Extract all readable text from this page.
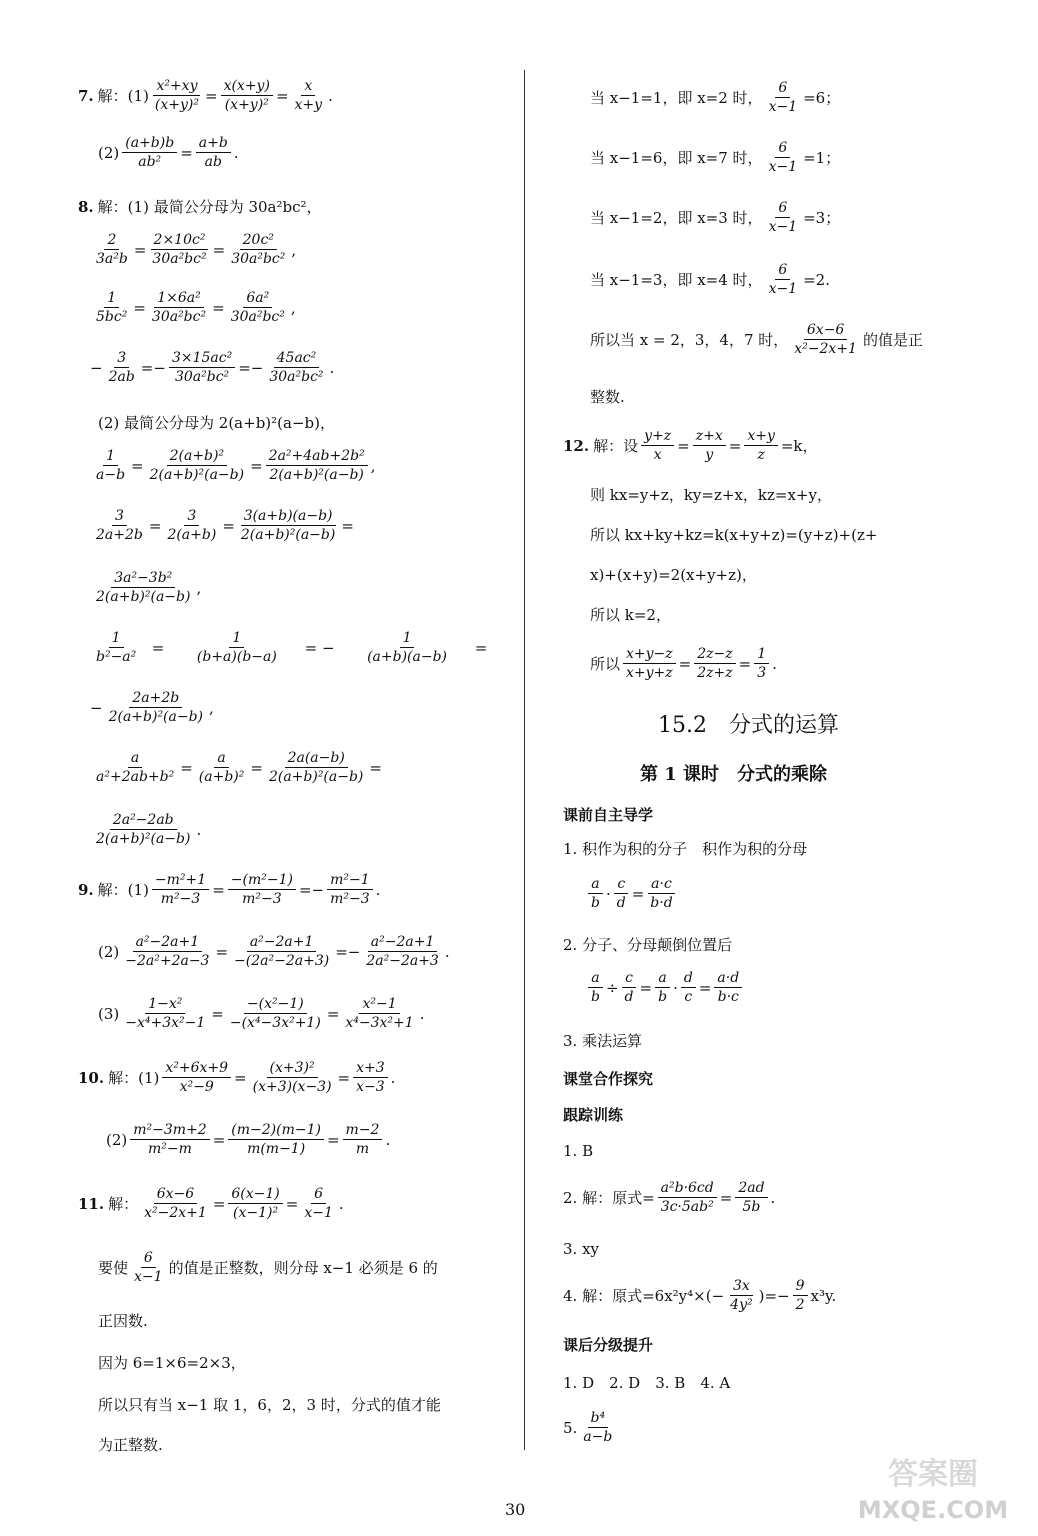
7. 解：$(1) \frac{\text{x²+xy}}{\text{(x+y)²}} = \frac{x(x+y)}{\text{(x+y)²}} = \frac{x}{x+y}$ .
$(2) \frac{(a+b)b}{\text{ab²}} = \frac{a+b}{ab}$ .
8. 解：(1) 最简公分母为 30a²bc²，
$\frac{2}{\text{3a²b}} = \frac{\text{2×10c²}}{\text{30a²bc²}} = \frac{\text{20c²}}{\text{30a²bc²}}$ ,
$\frac{1}{\text{5bc²}} = \frac{\text{1×6a²}}{\text{30a²bc²}} = \frac{\text{6a²}}{\text{30a²bc²}}$ ,
− $\frac{3}{2ab} =- \frac{\text{3×15ac²}}{\text{30a²bc²}} =- \frac{\text{45ac²}}{\text{30a²bc²}}$ .
(2) 最简公分母为 2(a+b)²(a−b)，
$\frac{1}{a-b} = \frac{\text{2(a+b)²}}{\text{2(a+b)²(a−b)}} = \frac{\text{2a²+4ab+2b²}}{\text{2(a+b)²(a−b)}}$ ,
$\frac{3}{2a+2b} = \frac{3}{2(a+b)} = \frac{3(a+b)(a-b)}{\text{2(a+b)²(a−b)}}$ =
$\frac{\text{3a²−3b²}}{\text{2(a+b)²(a−b)}}$ ,
$\frac{1}{\text{b²−a²}} = \frac{1}{(b+a)(b-a)}$ = − $\frac{1}{(a+b)(a-b)}$ =
− $\frac{2a+2b}{\text{2(a+b)²(a−b)}}$ ,
$\frac{a}{\text{a²+2ab+b²}} = \frac{a}{\text{(a+b)²}} = \frac{2a(a-b)}{\text{2(a+b)²(a−b)}}$ =
$\frac{\text{2a²−2ab}}{\text{2(a+b)²(a−b)}}$ .
9. 解：$(1) \frac{\text{−m²+1}}{\text{m²−3}} = \frac{\text{−(m²−1)}}{\text{m²−3}} =- \frac{\text{m²−1}}{\text{m²−3}}$ .
$(2) \frac{\text{a²−2a+1}}{\text{−2a²+2a−3}} = \frac{\text{a²−2a+1}}{\text{−(2a²−2a+3)}} =- \frac{\text{a²−2a+1}}{\text{2a²−2a+3}}$ .
$(3) \frac{\text{1−x²}}{\text{−x⁴+3x²−1}} = \frac{\text{−(x²−1)}}{\text{−(x⁴−3x²+1)}} = \frac{\text{x²−1}}{\text{x⁴−3x²+1}}$ .
10. 解：$(1) \frac{\text{x²+6x+9}}{\text{x²−9}} = \frac{\text{(x+3)²}}{(x+3)(x-3)} = \frac{x+3}{x-3}$ .
$(2) \frac{\text{m²−3m+2}}{\text{m²−m}} = \frac{(m-2)(m-1)}{m(m-1)} = \frac{m-2}{m}$ .
11. 解： $\frac{6x-6}{\text{x²−2x+1}} = \frac{6(x-1)}{\text{(x−1)²}} = \frac{6}{x-1}$ .
要使 $\frac{6}{x-1}$ 的值是正整数，则分母 x−1 必须是 6 的
正因数.
因为 6=1×6=2×3，
所以只有当 x−1 取 1，6，2，3 时，分式的值才能
为正整数.
当 x−1=1，即 x=2 时， $\frac{6}{x-1} =6$；
当 x−1=6，即 x=7 时， $\frac{6}{x-1} =1$；
当 x−1=2，即 x=3 时， $\frac{6}{x-1} =3$；
当 x−1=3，即 x=4 时， $\frac{6}{x-1} =2$.
所以当 x = 2，3，4，7 时， $\frac{6x-6}{\text{x²−2x+1}}$ 的值是正
整数.
12. 解：设 $\frac{y+z}{x} = \frac{z+x}{y} = \frac{x+y}{z} =k$，
则 kx=y+z，ky=z+x，kz=x+y，
所以 kx+ky+kz=k(x+y+z)=(y+z)+(z+
x)+(x+y)=2(x+y+z)，
所以 k=2，
所以 $\frac{x+y-z}{x+y+z} = \frac{2z-z}{2z+z} = \frac{1}{3}$ .
15.2　分式的运算
第 1 课时　分式的乘除
课前自主导学
1. 积作为积的分子　积作为积的分母
$\frac{a}{b} \cdot \frac{c}{d} = \frac{a\cdot c}{b\cdot d}$
2. 分子、分母颠倒位置后
$\frac{a}{b} \div \frac{c}{d} = \frac{a}{b} \cdot \frac{d}{c} = \frac{a\cdot d}{b\cdot c}$
3. 乘法运算
课堂合作探究
跟踪训练
1. B
2. 解：原式= $\frac{\text{a²b·6cd}}{\text{3c·5ab²}} = \frac{2ad}{5b}$ .
3. xy
4. 解：原式=6x²y⁴× (− $\frac{3x}{\text{4y²}}$ ) =− $\frac{9}{2} x^3y$.
课后分级提升
1. D　2. D　3. B　4. A
5. $\frac{\text{b⁴}}{a-b}$
30
答案圈
MXQE.COM
